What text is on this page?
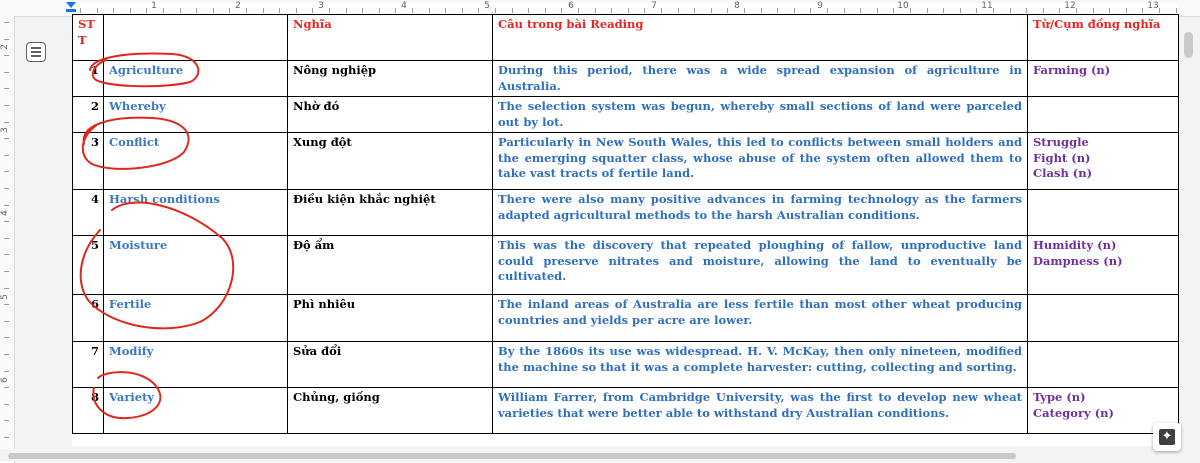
1	2	3	4	5	6	7	8	9	10	11	12	13
2
3
4
5
6
ST T		Nghĩa	Câu trong bài Reading	Từ/Cụm đồng nghĩa
1	Agriculture	Nông nghiệp	During this period, there was a wide spread expansion of agriculture in Australia.	Farming (n)

2	Whereby	Nhờ đó	The selection system was begun, whereby small sections of land were parceled out by lot.	

3	Conflict	Xung đột	Particularly in New South Wales, this led to conflicts between small holders and the emerging squatter class, whose abuse of the system often allowed them to take vast tracts of fertile land.	Struggle
Fight (n)
Clash (n)

4	Harsh conditions	Điều kiện khắc nghiệt	There were also many positive advances in farming technology as the farmers adapted agricultural methods to the harsh Australian conditions.	

5	Moisture	Độ ẩm	This was the discovery that repeated ploughing of fallow, unproductive land could preserve nitrates and moisture, allowing the land to eventually be cultivated.	Humidity (n)
Dampness (n)

6	Fertile	Phì nhiêu	The inland areas of Australia are less fertile than most other wheat producing countries and yields per acre are lower.	

7	Modify	Sửa đổi	By the 1860s its use was widespread. H. V. McKay, then only nineteen, modified the machine so that it was a complete harvester: cutting, collecting and sorting.	

8	Variety	Chủng, giống	William Farrer, from Cambridge University, was the first to develop new wheat varieties that were better able to withstand dry Australian conditions.	Type (n)
Category (n)
✦
